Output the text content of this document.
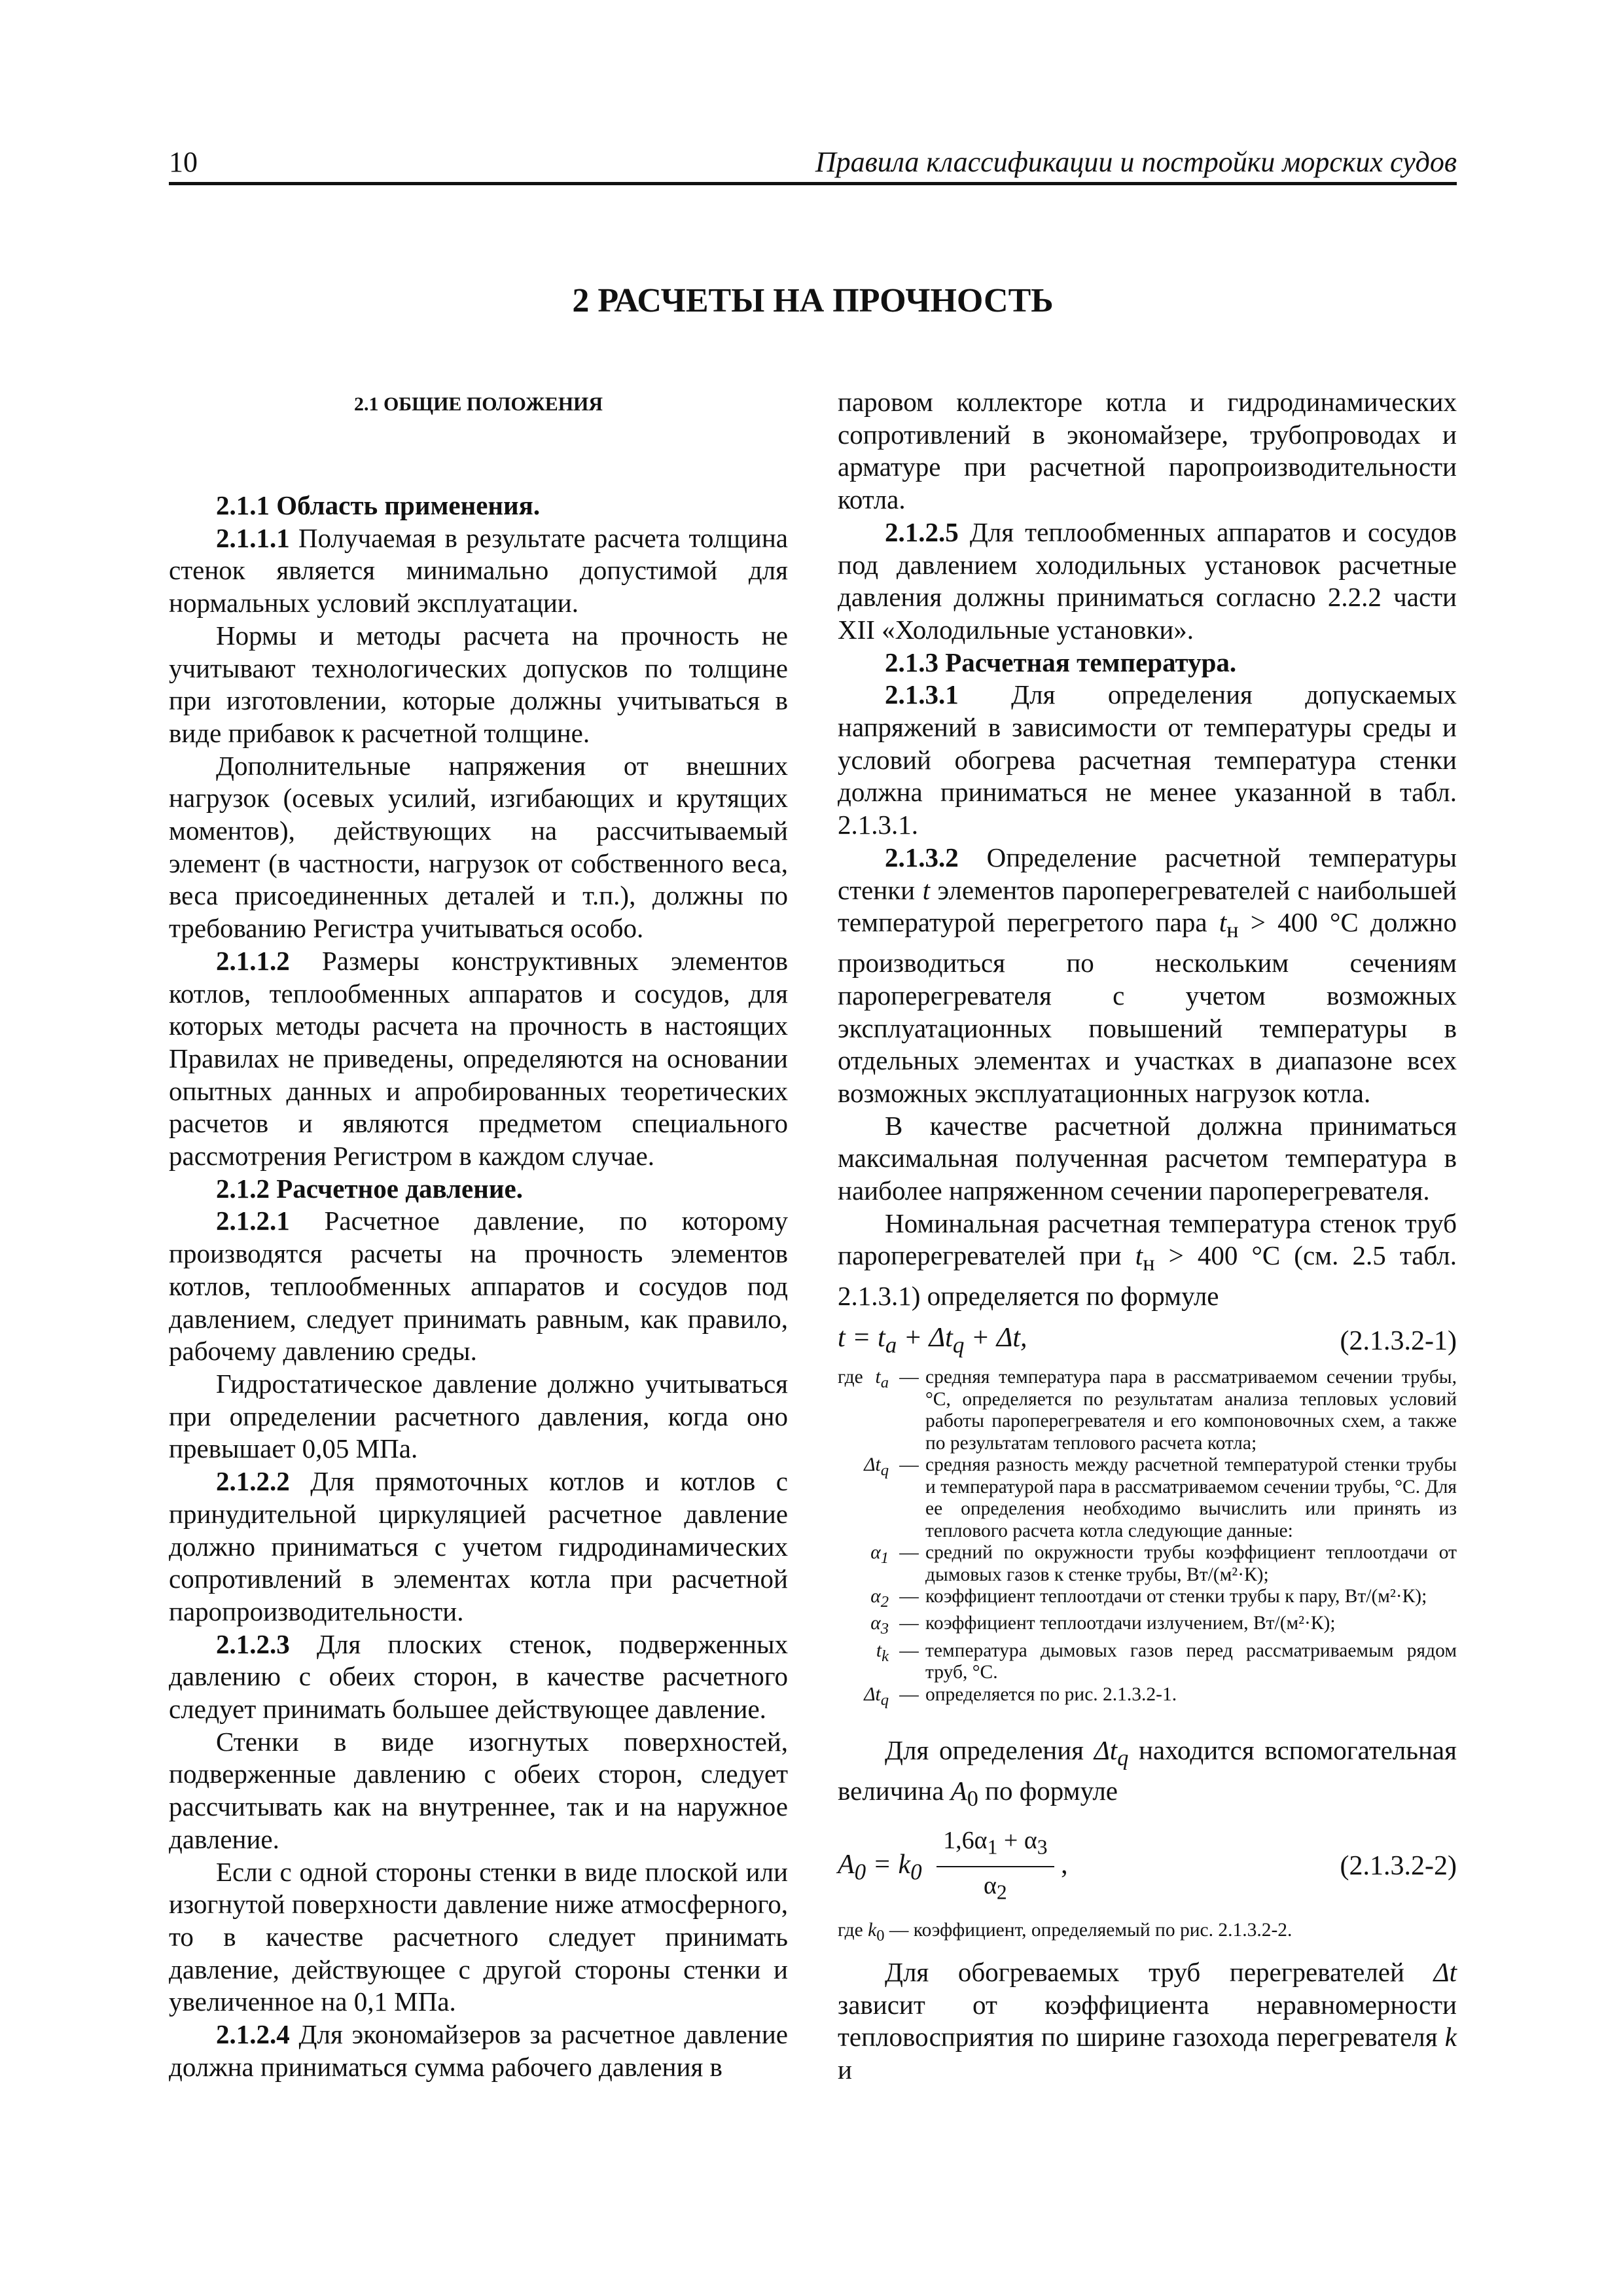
10	Правила классификации и постройки морских судов
2 РАСЧЕТЫ НА ПРОЧНОСТЬ
2.1 ОБЩИЕ ПОЛОЖЕНИЯ

2.1.1 Область применения.

2.1.1.1 Получаемая в результате расчета толщина стенок является минимально допустимой для нормальных условий эксплуатации.

Нормы и методы расчета на прочность не учитывают технологических допусков по толщине при изготовлении, которые должны учитываться в виде прибавок к расчетной толщине.

Дополнительные напряжения от внешних нагрузок (осевых усилий, изгибающих и крутящих моментов), действующих на рассчитываемый элемент (в частности, нагрузок от собственного веса, веса присоединенных деталей и т.п.), должны по требованию Регистра учитываться особо.

2.1.1.2 Размеры конструктивных элементов котлов, теплообменных аппаратов и сосудов, для которых методы расчета на прочность в настоящих Правилах не приведены, определяются на основании опытных данных и апробированных теоретических расчетов и являются предметом специального рассмотрения Регистром в каждом случае.

2.1.2 Расчетное давление.

2.1.2.1 Расчетное давление, по которому производятся расчеты на прочность элементов котлов, теплообменных аппаратов и сосудов под давлением, следует принимать равным, как правило, рабочему давлению среды.

Гидростатическое давление должно учитываться при определении расчетного давления, когда оно превышает 0,05 МПа.

2.1.2.2 Для прямоточных котлов и котлов с принудительной циркуляцией расчетное давление должно приниматься с учетом гидродинамических сопротивлений в элементах котла при расчетной паропроизводительности.

2.1.2.3 Для плоских стенок, подверженных давлению с обеих сторон, в качестве расчетного следует принимать большее действующее давление.

Стенки в виде изогнутых поверхностей, подверженные давлению с обеих сторон, следует рассчитывать как на внутреннее, так и на наружное давление.

Если с одной стороны стенки в виде плоской или изогнутой поверхности давление ниже атмосферного, то в качестве расчетного следует принимать давление, действующее с другой стороны стенки и увеличенное на 0,1 МПа.

2.1.2.4 Для экономайзеров за расчетное давление должна приниматься сумма рабочего давления в

паровом коллекторе котла и гидродинамических сопротивлений в экономайзере, трубопроводах и арматуре при расчетной паропроизводительности котла.

2.1.2.5 Для теплообменных аппаратов и сосудов под давлением холодильных установок расчетные давления должны приниматься согласно 2.2.2 части XII «Холодильные установки».

2.1.3 Расчетная температура.

2.1.3.1 Для определения допускаемых напряжений в зависимости от температуры среды и условий обогрева расчетная температура стенки должна приниматься не менее указанной в табл. 2.1.3.1.

2.1.3.2 Определение расчетной температуры стенки t элементов пароперегревателей с наибольшей температурой перегретого пара $t_н > 400$ °C должно производиться по нескольким сечениям пароперегревателя с учетом возможных эксплуатационных повышений температуры в отдельных элементах и участках в диапазоне всех возможных эксплуатационных нагрузок котла.

В качестве расчетной должна приниматься максимальная полученная расчетом температура в наиболее напряженном сечении пароперегревателя.

Номинальная расчетная температура стенок труб пароперегревателей при $t_н > 400$ °C (см. 2.5 табл. 2.1.3.1) определяется по формуле

$t = t_a + \Delta t_q + \Delta t$,	(2.1.3.2-1)
где $t_a$ — средняя температура пара в рассматриваемом сечении трубы, °C, определяется по результатам анализа тепловых условий работы пароперегревателя и его компоновочных схем, а также по результатам теплового расчета котла;
$\Delta t_q$ — средняя разность между расчетной температурой стенки трубы и температурой пара в рассматриваемом сечении трубы, °C. Для ее определения необходимо вычислить или принять из теплового расчета котла следующие данные:
$\alpha_1$ — средний по окружности трубы коэффициент теплоотдачи от дымовых газов к стенке трубы, Вт/(м²·К);
$\alpha_2$ — коэффициент теплоотдачи от стенки трубы к пару, Вт/(м²·К);
$\alpha_3$ — коэффициент теплоотдачи излучением, Вт/(м²·К);
$t_k$ — температура дымовых газов перед рассматриваемым рядом труб, °C.
$\Delta t_q$ — определяется по рис. 2.1.3.2-1.

Для определения $\Delta t_q$ находится вспомогательная величина $A_0$ по формуле

$A_0 = k_0 \frac{1,6\alpha_1 + \alpha_3}{\alpha_2}$ ,	(2.1.3.2-2)
где $k_0$ — коэффициент, определяемый по рис. 2.1.3.2-2.

Для обогреваемых труб перегревателей Δt зависит от коэффициента неравномерности тепловосприятия по ширине газохода перегревателя k и
